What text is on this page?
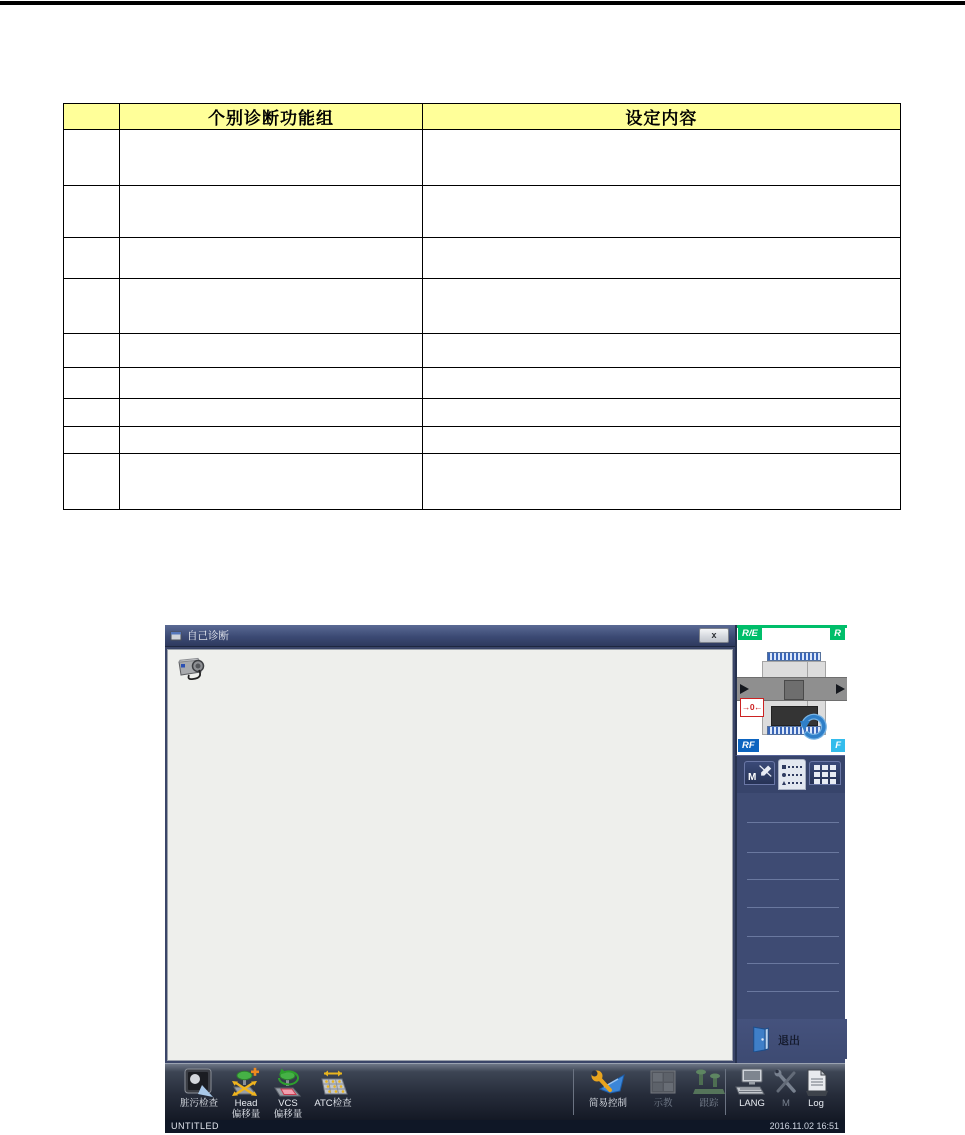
	个别诊断功能组	设定内容

自己诊断	x	R/E	R
→0←
RF	F
M
退出
脏污检查	Head
偏移量
VCS
偏移量
ATC检查	简易控制	示教	跟踪	LANG	M	Log
UNTITLED	2016.11.02 16:51
